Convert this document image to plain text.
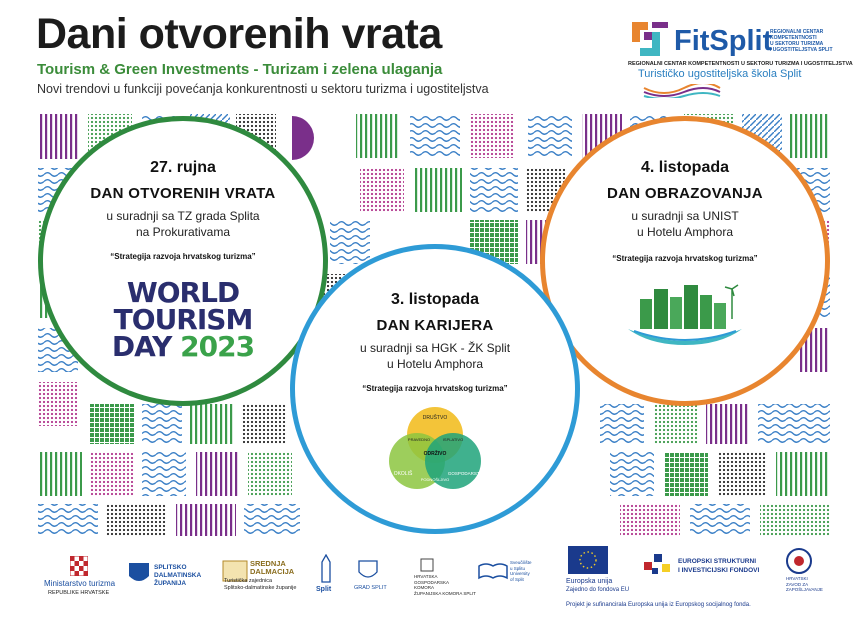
Dani otvorenih vrata
Tourism & Green Investments - Turizam i zelena ulaganja
Novi trendovi u funkciji povećanja konkurentnosti u sektoru turizma i ugostiteljstva
FitSplit
REGIONALNI CENTAR
KOMPETENTNOSTI
U SEKTORU TURIZMA
I UGOSTITELJSTVA SPLIT
REGIONALNI CENTAR KOMPETENTNOSTI U SEKTORU TURIZMA I UGOSTITELJSTVA
Turističko ugostiteljska škola Split
27. rujna
DAN OTVORENIH VRATA
u suradnji sa TZ grada Splita
na Prokurativama
“Strategija razvoja hrvatskog turizma”
WORLD
TOURISM
DAY 2023
4. listopada
DAN OBRAZOVANJA
u suradnji sa UNIST
u Hotelu Amphora
“Strategija razvoja hrvatskog turizma”
3. listopada
DAN KARIJERA
u suradnji sa HGK - ŽK Split
u Hotelu Amphora
“Strategija razvoja hrvatskog turizma”
DRUŠTVO
OKOLIŠ	GOSPODARSTVO
ODRŽIVO
PRAVEDNO
PODNOŠLJIVO
ISPLATIVO
Ministarstvo turizma
REPUBLIKE HRVATSKE
SPLITSKO
DALMATINSKA
ŽUPANIJA
SREDNJA
DALMACIJA
Turistička zajednica
Splitsko-dalmatinske županije	Split	GRAD SPLIT
HRVATSKA
GOSPODARSKA
KOMORA
ŽUPANIJSKA KOMORA SPLIT
Sveučilište
u Splitu
University
of Split	Europska unija
Zajedno do fondova EU
EUROPSKI STRUKTURNI
I INVESTICIJSKI FONDOVI
HRVATSKI
ZAVOD ZA
ZAPOŠLJAVANJE
Projekt je sufinancirala Europska unija iz Europskog socijalnog fonda.
